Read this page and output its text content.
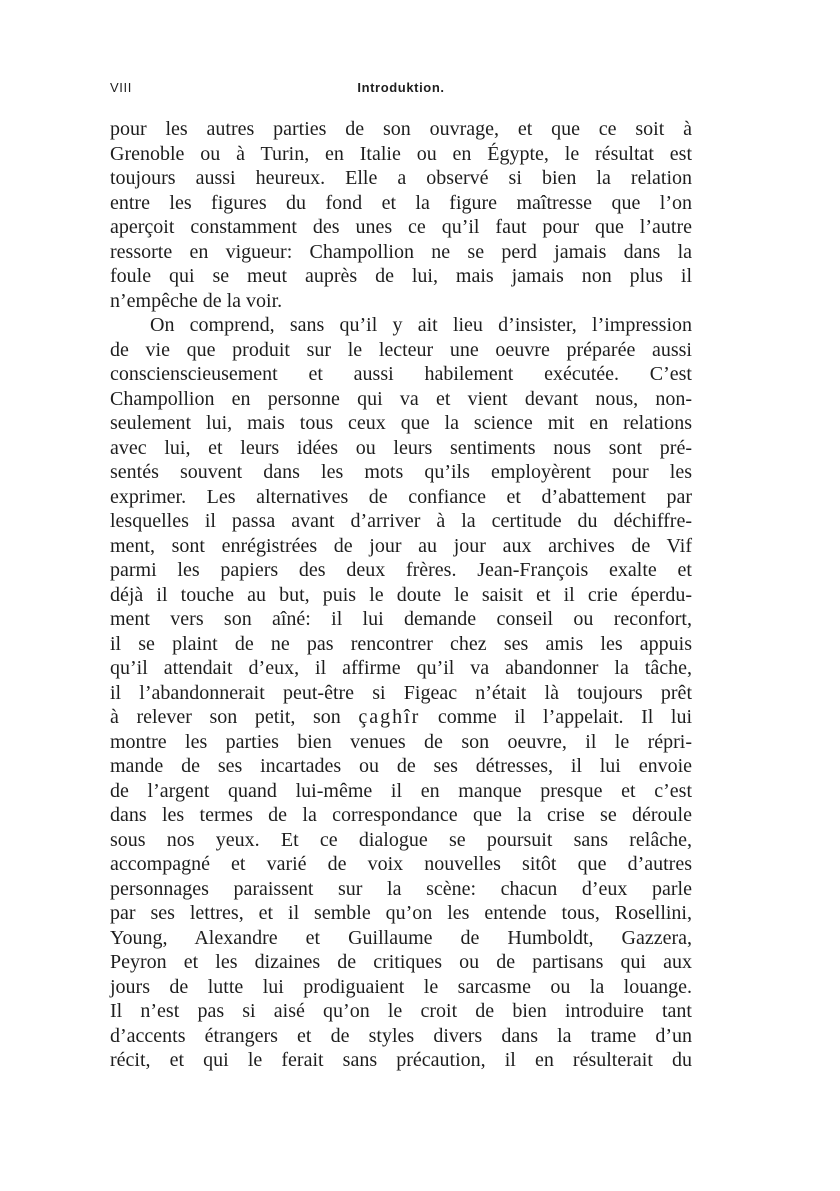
VIII	Introduktion.
pour les autres parties de son ouvrage, et que ce soit à
Grenoble ou à Turin, en Italie ou en Égypte, le résultat est
toujours aussi heureux. Elle a observé si bien la relation
entre les figures du fond et la figure maîtresse que l’on
aperçoit constamment des unes ce qu’il faut pour que l’autre
ressorte en vigueur: Champollion ne se perd jamais dans la
foule qui se meut auprès de lui, mais jamais non plus il
n’empêche de la voir.
On comprend, sans qu’il y ait lieu d’insister, l’impression
de vie que produit sur le lecteur une oeuvre préparée aussi
conscienscieusement et aussi habilement exécutée. C’est
Champollion en personne qui va et vient devant nous, non-
seulement lui, mais tous ceux que la science mit en relations
avec lui, et leurs idées ou leurs sentiments nous sont pré-
sentés souvent dans les mots qu’ils employèrent pour les
exprimer. Les alternatives de confiance et d’abattement par
lesquelles il passa avant d’arriver à la certitude du déchiffre-
ment, sont enrégistrées de jour au jour aux archives de Vif
parmi les papiers des deux frères. Jean-François exalte et
déjà il touche au but, puis le doute le saisit et il crie éperdu-
ment vers son aîné: il lui demande conseil ou reconfort,
il se plaint de ne pas rencontrer chez ses amis les appuis
qu’il attendait d’eux, il affirme qu’il va abandonner la tâche,
il l’abandonnerait peut-être si Figeac n’était là toujours prêt
à relever son petit, son çaghîr comme il l’appelait. Il lui
montre les parties bien venues de son oeuvre, il le répri-
mande de ses incartades ou de ses détresses, il lui envoie
de l’argent quand lui-même il en manque presque et c’est
dans les termes de la correspondance que la crise se déroule
sous nos yeux. Et ce dialogue se poursuit sans relâche,
accompagné et varié de voix nouvelles sitôt que d’autres
personnages paraissent sur la scène: chacun d’eux parle
par ses lettres, et il semble qu’on les entende tous, Rosellini,
Young, Alexandre et Guillaume de Humboldt, Gazzera,
Peyron et les dizaines de critiques ou de partisans qui aux
jours de lutte lui prodiguaient le sarcasme ou la louange.
Il n’est pas si aisé qu’on le croit de bien introduire tant
d’accents étrangers et de styles divers dans la trame d’un
récit, et qui le ferait sans précaution, il en résulterait du
